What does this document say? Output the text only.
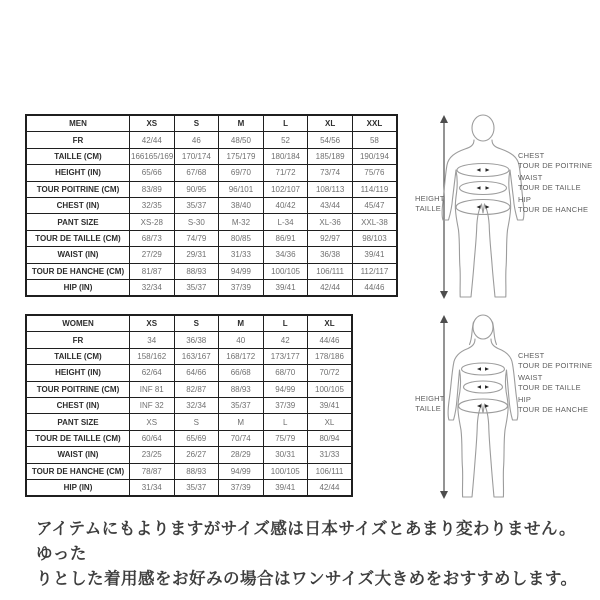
MEN	XS	S	M	L	XL	XXL
FR	42/44	46	48/50	52	54/56	58
TAILLE (CM)	166165/169	170/174	175/179	180/184	185/189	190/194
HEIGHT (IN)	65/66	67/68	69/70	71/72	73/74	75/76
TOUR POITRINE (CM)	83/89	90/95	96/101	102/107	108/113	114/119
CHEST (IN)	32/35	35/37	38/40	40/42	43/44	45/47
PANT SIZE	XS-28	S-30	M-32	L-34	XL-36	XXL-38
TOUR DE TAILLE (CM)	68/73	74/79	80/85	86/91	92/97	98/103
WAIST (IN)	27/29	29/31	31/33	34/36	36/38	39/41
TOUR DE HANCHE (CM)	81/87	88/93	94/99	100/105	106/111	112/117
HIP (IN)	32/34	35/37	37/39	39/41	42/44	44/46
HEIGHT
TAILLE
CHEST
TOUR DE POITRINE
WAIST
TOUR DE TAILLE
HIP
TOUR DE HANCHE
WOMEN	XS	S	M	L	XL
FR	34	36/38	40	42	44/46
TAILLE (CM)	158/162	163/167	168/172	173/177	178/186
HEIGHT (IN)	62/64	64/66	66/68	68/70	70/72
TOUR POITRINE (CM)	INF 81	82/87	88/93	94/99	100/105
CHEST (IN)	INF 32	32/34	35/37	37/39	39/41
PANT SIZE	XS	S	M	L	XL
TOUR DE TAILLE (CM)	60/64	65/69	70/74	75/79	80/94
WAIST (IN)	23/25	26/27	28/29	30/31	31/33
TOUR DE HANCHE (CM)	78/87	88/93	94/99	100/105	106/111
HIP (IN)	31/34	35/37	37/39	39/41	42/44
HEIGHT
TAILLE
CHEST
TOUR DE POITRINE
WAIST
TOUR DE TAILLE
HIP
TOUR DE HANCHE

アイテムにもよりますがサイズ感は日本サイズとあまり変わりません。ゆった
りとした着用感をお好みの場合はワンサイズ大きめをおすすめします。
